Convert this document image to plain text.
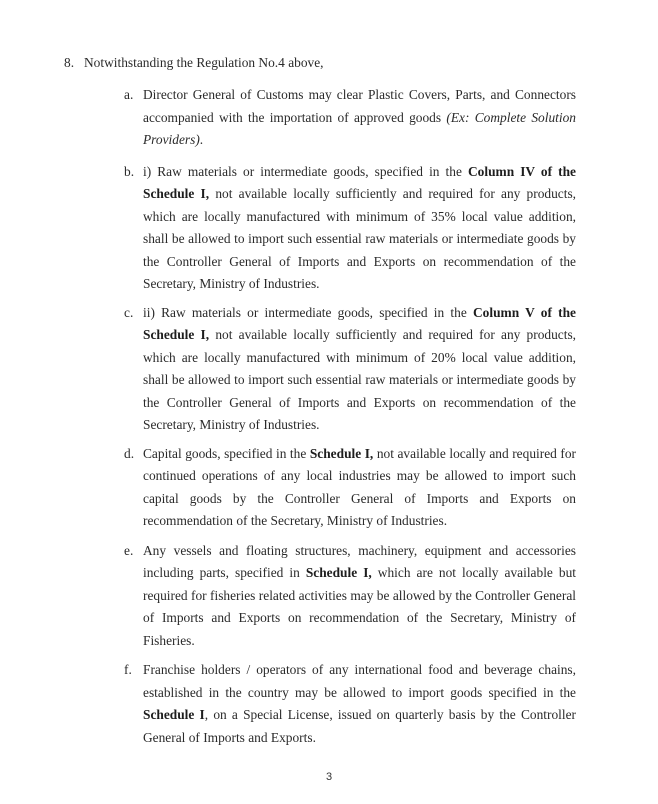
8. Notwithstanding the Regulation No.4 above,
a. Director General of Customs may clear Plastic Covers, Parts, and Connectors accompanied with the importation of approved goods (Ex: Complete Solution Providers).
b. i) Raw materials or intermediate goods, specified in the Column IV of the Schedule I, not available locally sufficiently and required for any products, which are locally manufactured with minimum of 35% local value addition, shall be allowed to import such essential raw materials or intermediate goods by the Controller General of Imports and Exports on recommendation of the Secretary, Ministry of Industries.
c. ii) Raw materials or intermediate goods, specified in the Column V of the Schedule I, not available locally sufficiently and required for any products, which are locally manufactured with minimum of 20% local value addition, shall be allowed to import such essential raw materials or intermediate goods by the Controller General of Imports and Exports on recommendation of the Secretary, Ministry of Industries.
d. Capital goods, specified in the Schedule I, not available locally and required for continued operations of any local industries may be allowed to import such capital goods by the Controller General of Imports and Exports on recommendation of the Secretary, Ministry of Industries.
e. Any vessels and floating structures, machinery, equipment and accessories including parts, specified in Schedule I, which are not locally available but required for fisheries related activities may be allowed by the Controller General of Imports and Exports on recommendation of the Secretary, Ministry of Fisheries.
f. Franchise holders / operators of any international food and beverage chains, established in the country may be allowed to import goods specified in the Schedule I, on a Special License, issued on quarterly basis by the Controller General of Imports and Exports.
3
